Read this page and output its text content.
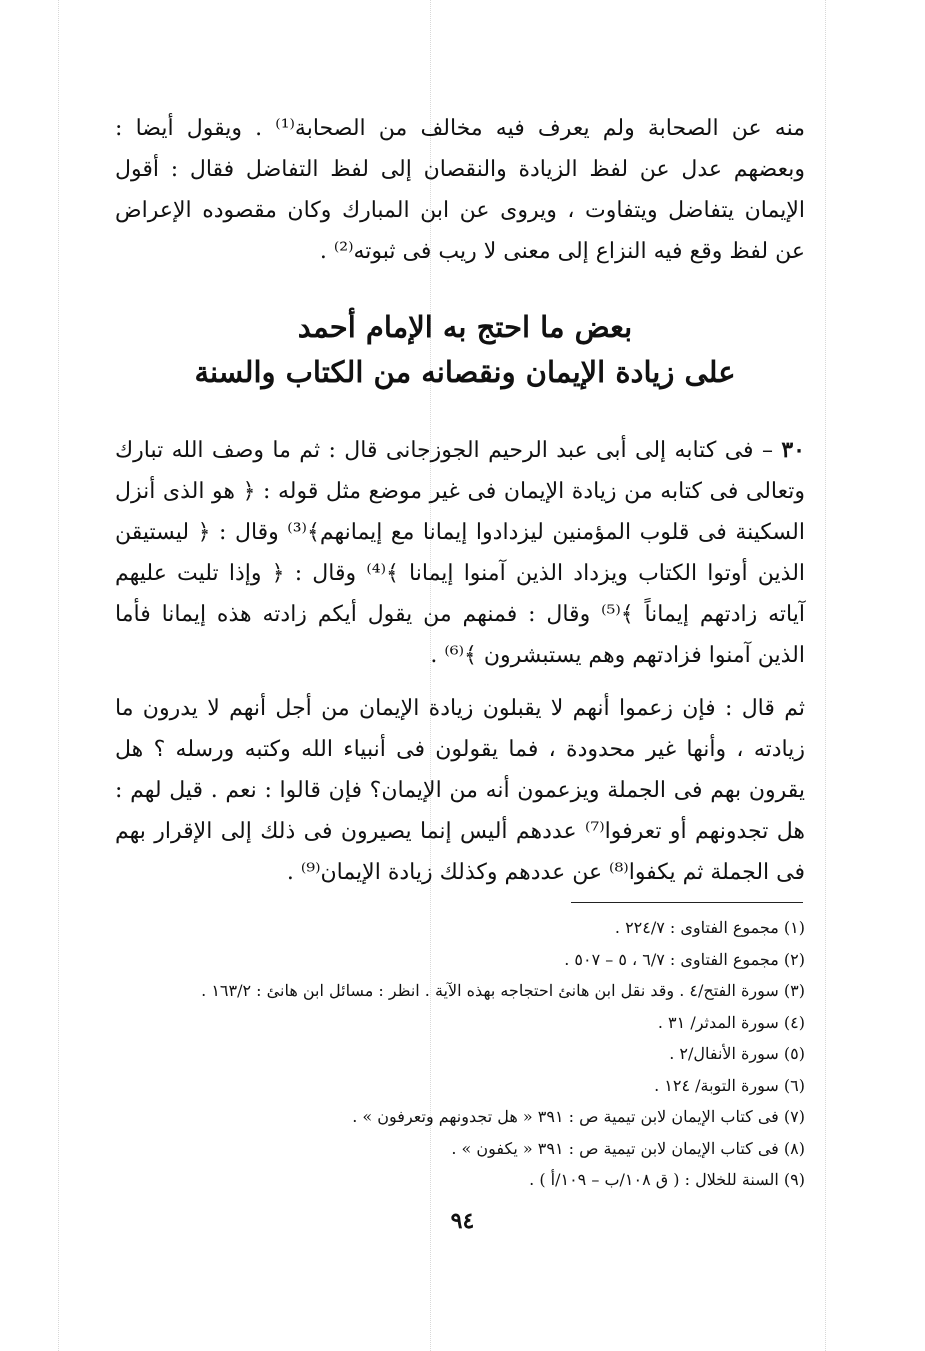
منه عن الصحابة ولم يعرف فيه مخالف من الصحابة⁽¹⁾ . ويقول أيضا : وبعضهم عدل عن لفظ الزيادة والنقصان إلى لفظ التفاضل فقال : أقول الإيمان يتفاضل ويتفاوت ، ويروى عن ابن المبارك وكان مقصوده الإعراض عن لفظ وقع فيه النزاع إلى معنى لا ريب فى ثبوته⁽²⁾ .

بعض ما احتج به الإمام أحمد
على زيادة الإيمان ونقصانه من الكتاب والسنة

٣٠ – فى كتابه إلى أبى عبد الرحيم الجوزجانى قال : ثم ما وصف الله تبارك وتعالى فى كتابه من زيادة الإيمان فى غير موضع مثل قوله : ﴿ هو الذى أنزل السكينة فى قلوب المؤمنين ليزدادوا إيمانا مع إيمانهم﴾⁽³⁾ وقال : ﴿ ليستيقن الذين أوتوا الكتاب ويزداد الذين آمنوا إيمانا ﴾⁽⁴⁾ وقال : ﴿ وإذا تليت عليهم آياته زادتهم إيماناً ﴾⁽⁵⁾ وقال : فمنهم من يقول أيكم زادته هذه إيمانا فأما الذين آمنوا فزادتهم وهم يستبشرون ﴾⁽⁶⁾ .

ثم قال : فإن زعموا أنهم لا يقبلون زيادة الإيمان من أجل أنهم لا يدرون ما زيادته ، وأنها غير محدودة ، فما يقولون فى أنبياء الله وكتبه ورسله ؟ هل يقرون بهم فى الجملة ويزعمون أنه من الإيمان؟ فإن قالوا : نعم . قيل لهم : هل تجدونهم أو تعرفوا⁽⁷⁾ عددهم أليس إنما يصيرون فى ذلك إلى الإقرار بهم فى الجملة ثم يكفوا⁽⁸⁾ عن عددهم وكذلك زيادة الإيمان⁽⁹⁾ .

(١) مجموع الفتاوى : ٢٢٤/٧ .
(٢) مجموع الفتاوى : ٦/٧ ، ٥ – ٥٠٧ .
(٣) سورة الفتح/٤ . وقد نقل ابن هانئ احتجاجه بهذه الآية . انظر : مسائل ابن هانئ : ١٦٣/٢ .
(٤) سورة المدثر/ ٣١ .
(٥) سورة الأنفال/٢ .
(٦) سورة التوبة/ ١٢٤ .
(٧) فى كتاب الإيمان لابن تيمية ص : ٣٩١ « هل تجدونهم وتعرفون » .
(٨) فى كتاب الإيمان لابن تيمية ص : ٣٩١ « يكفون » .
(٩) السنة للخلال : ( ق ١٠٨/ب – ١٠٩/أ ) .
٩٤
